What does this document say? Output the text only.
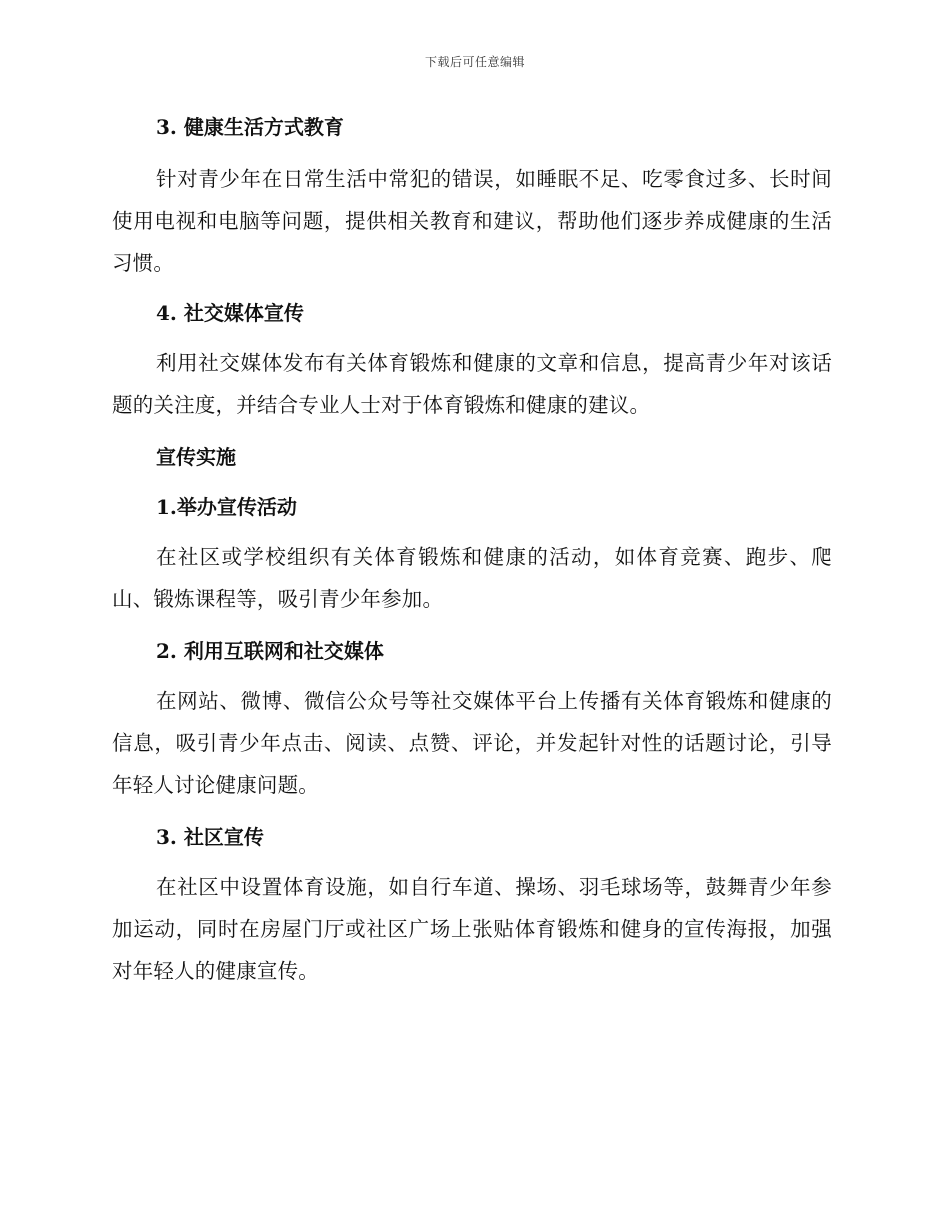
下载后可任意编辑

3. 健康生活方式教育

针对青少年在日常生活中常犯的错误，如睡眠不足、吃零食过多、长时间使用电视和电脑等问题，提供相关教育和建议，帮助他们逐步养成健康的生活习惯。

4. 社交媒体宣传

利用社交媒体发布有关体育锻炼和健康的文章和信息，提高青少年对该话题的关注度，并结合专业人士对于体育锻炼和健康的建议。

宣传实施

1.举办宣传活动

在社区或学校组织有关体育锻炼和健康的活动，如体育竞赛、跑步、爬山、锻炼课程等，吸引青少年参加。

2. 利用互联网和社交媒体

在网站、微博、微信公众号等社交媒体平台上传播有关体育锻炼和健康的信息，吸引青少年点击、阅读、点赞、评论，并发起针对性的话题讨论，引导年轻人讨论健康问题。

3. 社区宣传

在社区中设置体育设施，如自行车道、操场、羽毛球场等，鼓舞青少年参加运动，同时在房屋门厅或社区广场上张贴体育锻炼和健身的宣传海报，加强对年轻人的健康宣传。
